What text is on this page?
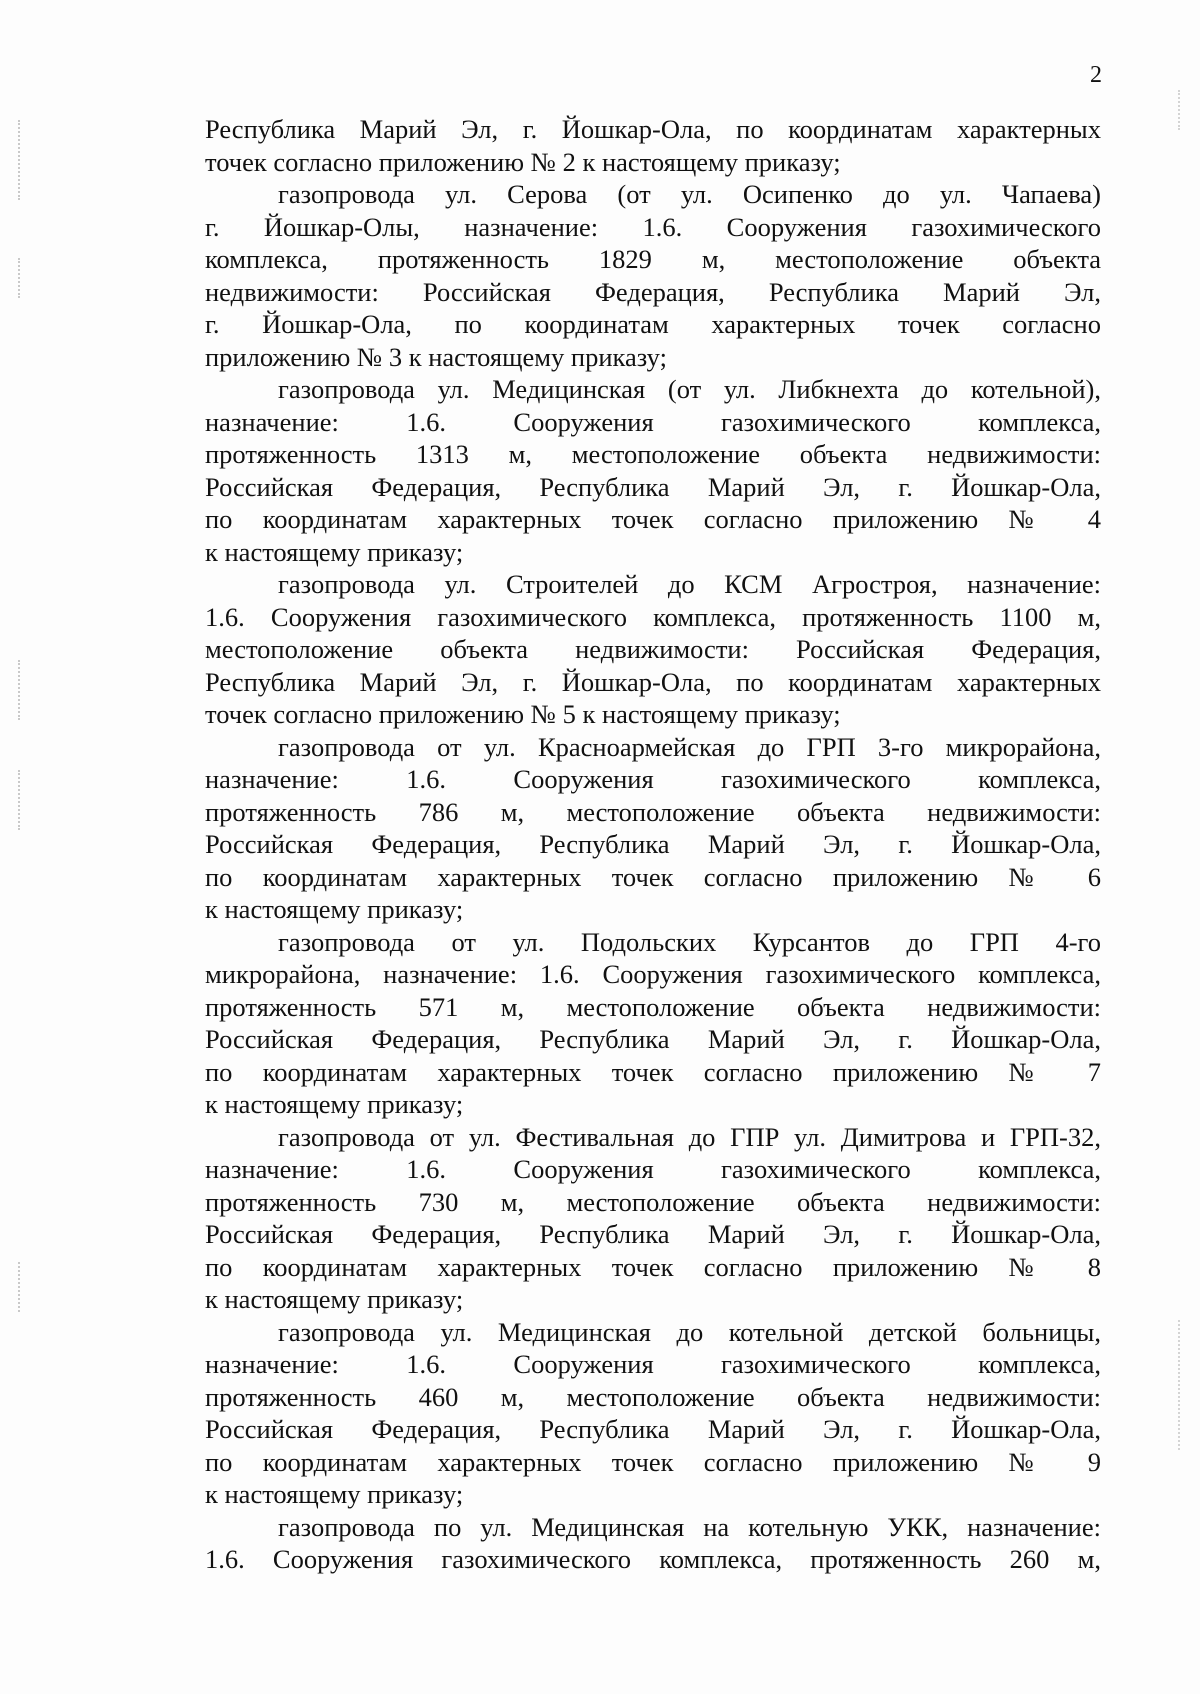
2
Республика Марий Эл, г. Йошкар-Ола, по координатам характерных
точек согласно приложению № 2 к настоящему приказу;
газопровода ул. Серова (от ул. Осипенко до ул. Чапаева)
г. Йошкар-Олы, назначение: 1.6. Сооружения газохимического
комплекса, протяженность 1829 м, местоположение объекта
недвижимости: Российская Федерация, Республика Марий Эл,
г. Йошкар-Ола, по координатам характерных точек согласно
приложению № 3 к настоящему приказу;
газопровода ул. Медицинская (от ул. Либкнехта до котельной),
назначение: 1.6. Сооружения газохимического комплекса,
протяженность 1313 м, местоположение объекта недвижимости:
Российская Федерация, Республика Марий Эл, г. Йошкар-Ола,
по координатам характерных точек согласно приложению № 4
к настоящему приказу;
газопровода ул. Строителей до КСМ Агростроя, назначение:
1.6. Сооружения газохимического комплекса, протяженность 1100 м,
местоположение объекта недвижимости: Российская Федерация,
Республика Марий Эл, г. Йошкар-Ола, по координатам характерных
точек согласно приложению № 5 к настоящему приказу;
газопровода от ул. Красноармейская до ГРП 3-го микрорайона,
назначение: 1.6. Сооружения газохимического комплекса,
протяженность 786 м, местоположение объекта недвижимости:
Российская Федерация, Республика Марий Эл, г. Йошкар-Ола,
по координатам характерных точек согласно приложению № 6
к настоящему приказу;
газопровода от ул. Подольских Курсантов до ГРП 4-го
микрорайона, назначение: 1.6. Сооружения газохимического комплекса,
протяженность 571 м, местоположение объекта недвижимости:
Российская Федерация, Республика Марий Эл, г. Йошкар-Ола,
по координатам характерных точек согласно приложению № 7
к настоящему приказу;
газопровода от ул. Фестивальная до ГПР ул. Димитрова и ГРП-32,
назначение: 1.6. Сооружения газохимического комплекса,
протяженность 730 м, местоположение объекта недвижимости:
Российская Федерация, Республика Марий Эл, г. Йошкар-Ола,
по координатам характерных точек согласно приложению № 8
к настоящему приказу;
газопровода ул. Медицинская до котельной детской больницы,
назначение: 1.6. Сооружения газохимического комплекса,
протяженность 460 м, местоположение объекта недвижимости:
Российская Федерация, Республика Марий Эл, г. Йошкар-Ола,
по координатам характерных точек согласно приложению № 9
к настоящему приказу;
газопровода по ул. Медицинская на котельную УКК, назначение:
1.6. Сооружения газохимического комплекса, протяженность 260 м,
